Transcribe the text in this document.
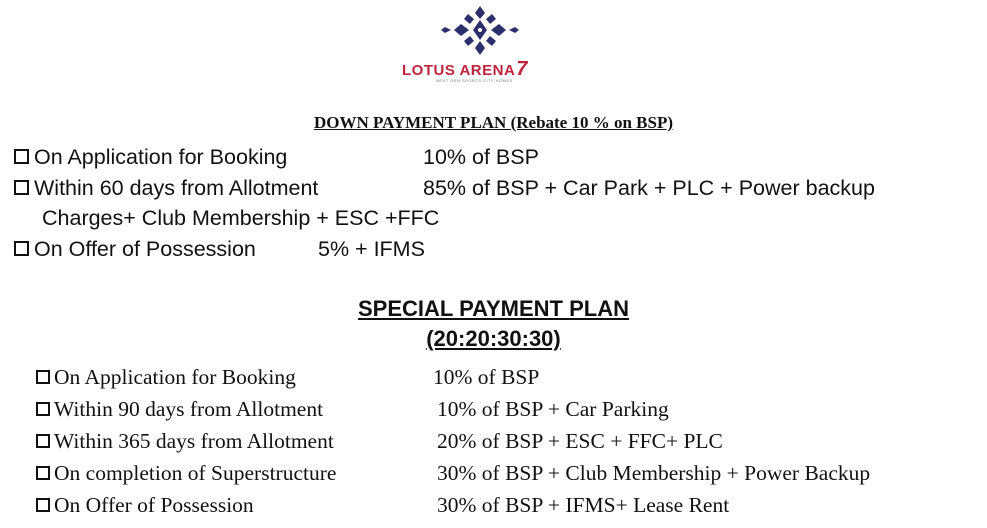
LOTUS ARENA7
NEXT GEN SPORTS CITY HOMES
DOWN PAYMENT PLAN (Rebate 10 % on BSP)
On Application for Booking	10% of BSP
Within 60 days from Allotment	85% of BSP + Car Park + PLC + Power backup
Charges+ Club Membership + ESC +FFC
On Offer of Possession	5% + IFMS
SPECIAL PAYMENT PLAN
(20:20:30:30)
On Application for Booking	10% of BSP
Within 90 days from Allotment	10% of BSP + Car Parking
Within 365 days from Allotment	20% of BSP + ESC + FFC+ PLC
On completion of Superstructure	30% of BSP + Club Membership + Power Backup
On Offer of Possession	30% of BSP + IFMS+ Lease Rent
